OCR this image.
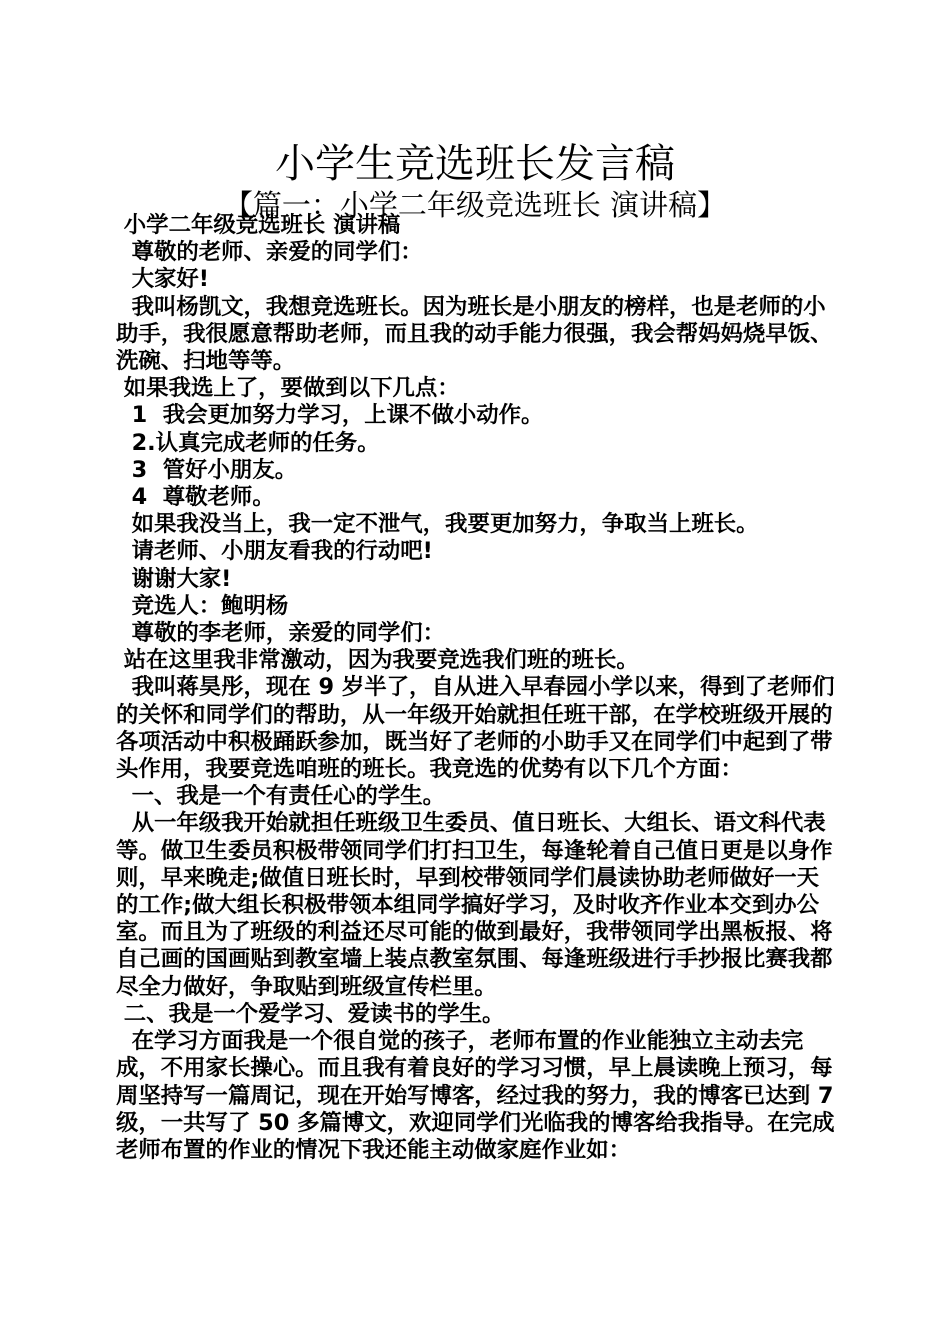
小学生竞选班长发言稿
【篇一：小学二年级竞选班长 演讲稿】

小学二年级竞选班长 演讲稿

尊敬的老师、亲爱的同学们：

大家好!

我叫杨凯文，我想竞选班长。因为班长是小朋友的榜样，也是老师的小助手，我很愿意帮助老师，而且我的动手能力很强，我会帮妈妈烧早饭、洗碗、扫地等等。

如果我选上了，要做到以下几点：

1  我会更加努力学习，上课不做小动作。

2.认真完成老师的任务。

3  管好小朋友。

4  尊敬老师。

如果我没当上，我一定不泄气，我要更加努力，争取当上班长。

请老师、小朋友看我的行动吧!

谢谢大家!

竞选人：鲍明杨

尊敬的李老师，亲爱的同学们：

站在这里我非常激动，因为我要竞选我们班的班长。

我叫蒋昊彤，现在 9 岁半了，自从进入早春园小学以来，得到了老师们的关怀和同学们的帮助，从一年级开始就担任班干部，在学校班级开展的各项活动中积极踊跃参加，既当好了老师的小助手又在同学们中起到了带头作用，我要竞选咱班的班长。我竞选的优势有以下几个方面：

一、我是一个有责任心的学生。

从一年级我开始就担任班级卫生委员、值日班长、大组长、语文科代表等。做卫生委员积极带领同学们打扫卫生，每逢轮着自己值日更是以身作则，早来晚走;做值日班长时，早到校带领同学们晨读协助老师做好一天的工作;做大组长积极带领本组同学搞好学习，及时收齐作业本交到办公室。而且为了班级的利益还尽可能的做到最好，我带领同学出黑板报、将自己画的国画贴到教室墙上装点教室氛围、每逢班级进行手抄报比赛我都尽全力做好，争取贴到班级宣传栏里。

二、我是一个爱学习、爱读书的学生。

在学习方面我是一个很自觉的孩子，老师布置的作业能独立主动去完成，不用家长操心。而且我有着良好的学习习惯，早上晨读晚上预习，每周坚持写一篇周记，现在开始写博客，经过我的努力，我的博客已达到 7 级，一共写了 50 多篇博文，欢迎同学们光临我的博客给我指导。在完成老师布置的作业的情况下我还能主动做家庭作业如：
